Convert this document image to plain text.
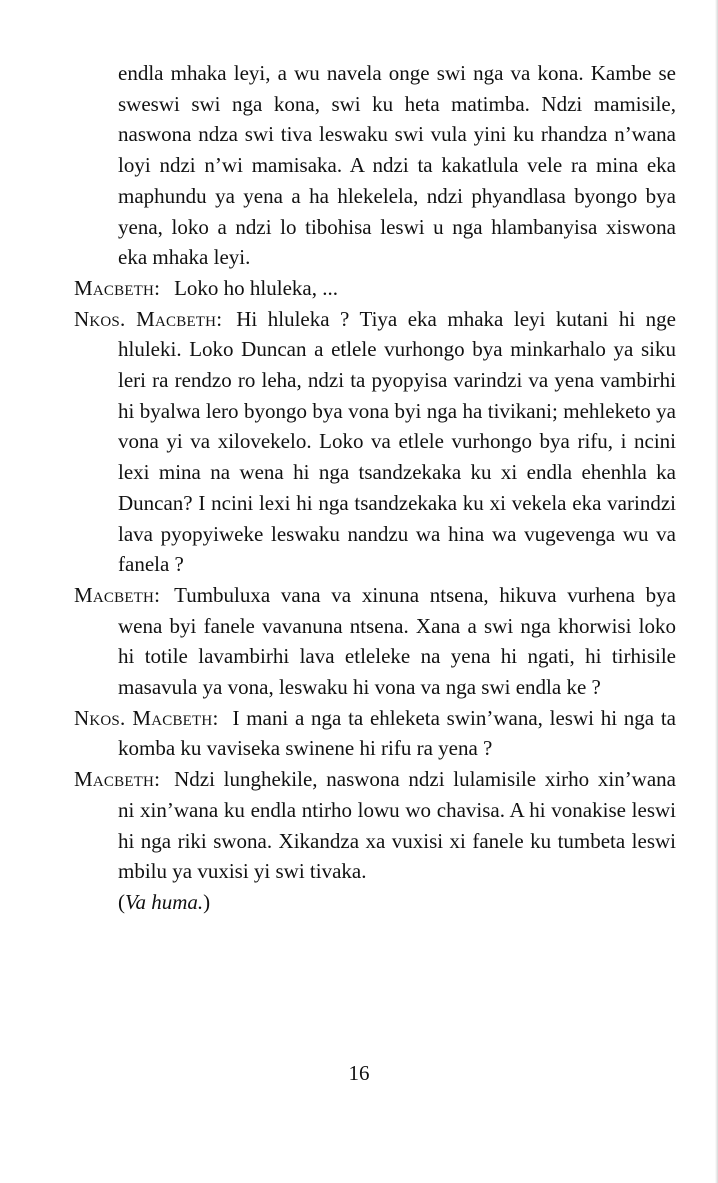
endla mhaka leyi, a wu navela onge swi nga va kona. Kambe se sweswi swi nga kona, swi ku heta matimba. Ndzi mamisile, naswona ndza swi tiva leswaku swi vula yini ku rhandza n’wana loyi ndzi n’wi mamisaka. A ndzi ta kakatlula vele ra mina eka maphundu ya yena a ha hlekelela, ndzi phyandlasa byongo bya yena, loko a ndzi lo tibohisa leswi u nga hlambanyisa xiswona eka mhaka leyi.

Macbeth: Loko ho hluleka, ...

Nkos. Macbeth: Hi hluleka ? Tiya eka mhaka leyi kutani hi nge hluleki. Loko Duncan a etlele vurhongo bya minkarhalo ya siku leri ra rendzo ro leha, ndzi ta pyopyisa varindzi va yena vambirhi hi byalwa lero byongo bya vona byi nga ha tivikani; mehleketo ya vona yi va xilovekelo. Loko va etlele vurhongo bya rifu, i ncini lexi mina na wena hi nga tsandzekaka ku xi endla ehenhla ka Duncan? I ncini lexi hi nga tsandzekaka ku xi vekela eka varindzi lava pyopyiweke leswaku nandzu wa hina wa vugevenga wu va fanela ?

Macbeth: Tumbuluxa vana va xinuna ntsena, hikuva vurhena bya wena byi fanele vavanuna ntsena. Xana a swi nga khorwisi loko hi totile lavambirhi lava etleleke na yena hi ngati, hi tirhisile masavula ya vona, leswaku hi vona va nga swi endla ke ?

Nkos. Macbeth: I mani a nga ta ehleketa swin’wana, leswi hi nga ta komba ku vaviseka swinene hi rifu ra yena ?

Macbeth: Ndzi lunghekile, naswona ndzi lulamisile xirho xin’wana ni xin’wana ku endla ntirho lowu wo chavisa. A hi vonakise leswi hi nga riki swona. Xikandza xa vuxisi xi fanele ku tumbeta leswi mbilu ya vuxisi yi swi tivaka.

(Va huma.)

16
